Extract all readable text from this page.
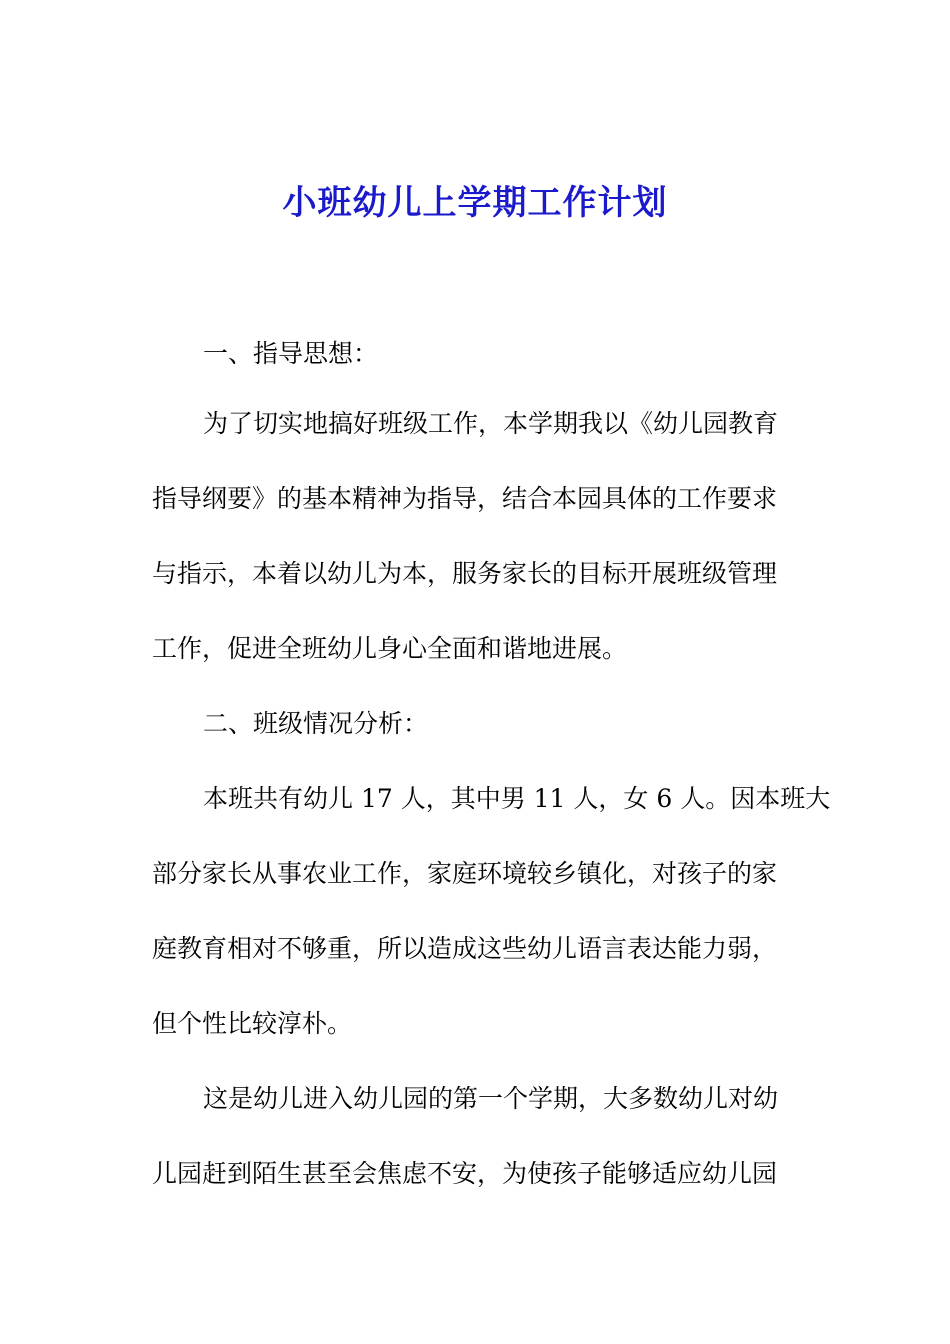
小班幼儿上学期工作计划
一、指导思想：
为了切实地搞好班级工作，本学期我以《幼儿园教育
指导纲要》的基本精神为指导，结合本园具体的工作要求
与指示，本着以幼儿为本，服务家长的目标开展班级管理
工作，促进全班幼儿身心全面和谐地进展。
二、班级情况分析：
本班共有幼儿 17 人，其中男 11 人，女 6 人。因本班大
部分家长从事农业工作，家庭环境较乡镇化，对孩子的家
庭教育相对不够重，所以造成这些幼儿语言表达能力弱，
但个性比较淳朴。
这是幼儿进入幼儿园的第一个学期，大多数幼儿对幼
儿园赶到陌生甚至会焦虑不安，为使孩子能够适应幼儿园
